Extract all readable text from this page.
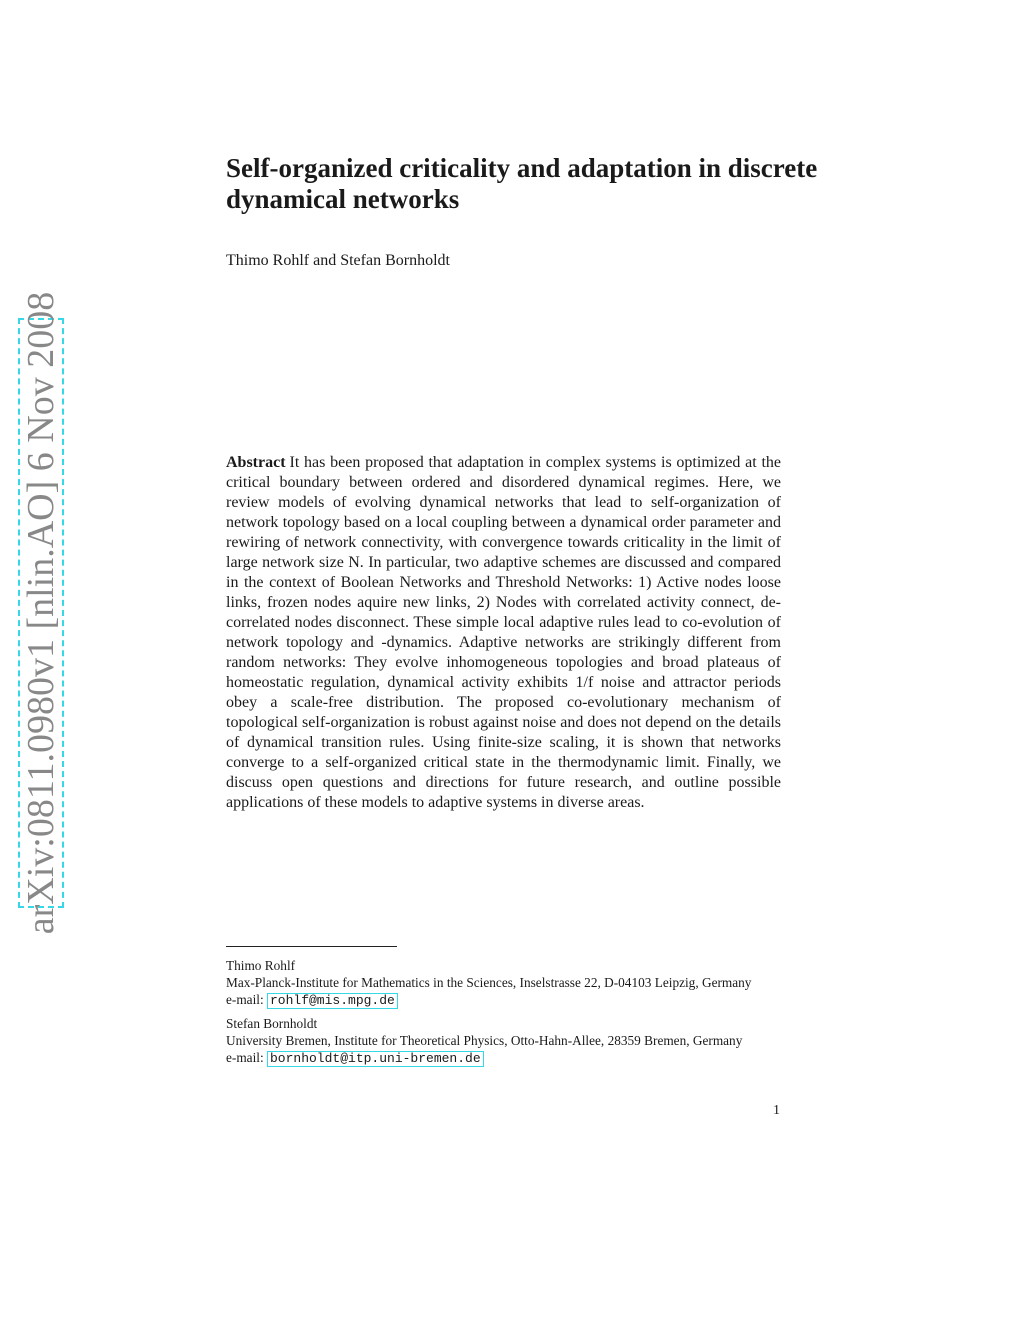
Self-organized criticality and adaptation in discrete dynamical networks
Thimo Rohlf and Stefan Bornholdt
arXiv:0811.0980v1 [nlin.AO] 6 Nov 2008	Abstract It has been proposed that adaptation in complex systems is optimized at the critical boundary between ordered and disordered dynamical regimes. Here, we review models of evolving dynamical networks that lead to self-organization of network topology based on a local coupling between a dynamical order parameter and rewiring of network connectivity, with convergence towards criticality in the limit of large network size N. In particular, two adaptive schemes are discussed and compared in the context of Boolean Networks and Threshold Networks: 1) Active nodes loose links, frozen nodes aquire new links, 2) Nodes with correlated activity connect, de-correlated nodes disconnect. These simple local adaptive rules lead to co-evolution of network topology and -dynamics. Adaptive networks are strikingly different from random networks: They evolve inhomogeneous topologies and broad plateaus of homeostatic regulation, dynamical activity exhibits 1/f noise and attractor periods obey a scale-free distribution. The proposed co-evolutionary mechanism of topological self-organization is robust against noise and does not depend on the details of dynamical transition rules. Using finite-size scaling, it is shown that networks converge to a self-organized critical state in the thermodynamic limit. Finally, we discuss open questions and directions for future research, and outline possible applications of these models to adaptive systems in diverse areas.
Thimo Rohlf
Max-Planck-Institute for Mathematics in the Sciences, Inselstrasse 22, D-04103 Leipzig, Germany
e-mail: rohlf@mis.mpg.de
Stefan Bornholdt
University Bremen, Institute for Theoretical Physics, Otto-Hahn-Allee, 28359 Bremen, Germany
e-mail: bornholdt@itp.uni-bremen.de
1
